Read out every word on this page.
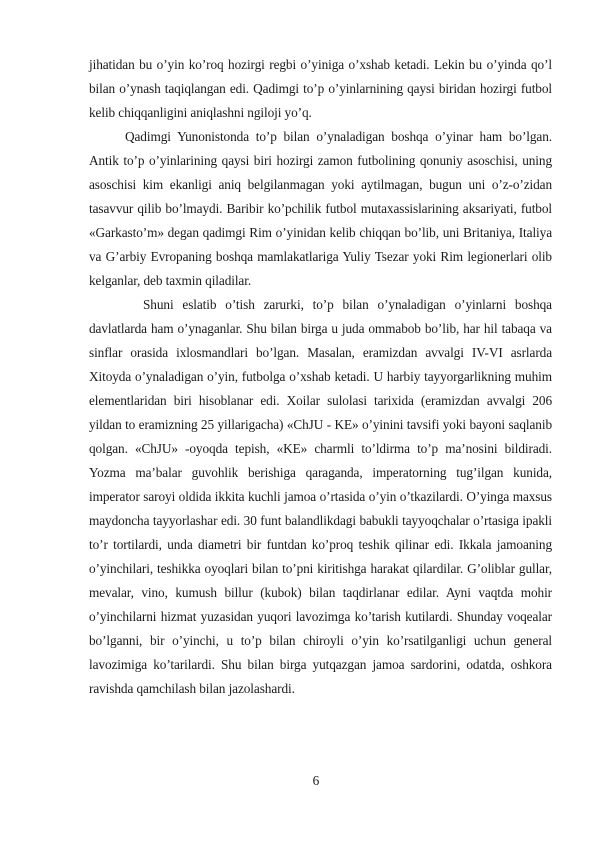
jihatidan bu o’yin ko’roq hozirgi regbi o’yiniga o’xshab ketadi. Lekin bu o’yinda qo’l bilan o’ynash taqiqlangan edi. Qadimgi to’p o’yinlarnining qaysi biridan hozirgi futbol kelib chiqqanligini aniqlashni ngiloji yo’q.

Qadimgi Yunonistonda to’p bilan o’ynaladigan boshqa o’yinar ham bo’lgan. Antik to’p o’yinlarining qaysi biri hozirgi zamon futbolining qonuniy asoschisi, uning asoschisi kim ekanligi aniq belgilanmagan yoki aytilmagan, bugun uni o’z-o’zidan tasavvur qilib bo’lmaydi. Baribir ko’pchilik futbol mutaxassislarining aksariyati, futbol «Garkasto’m» degan qadimgi Rim o’yinidan kelib chiqqan bo’lib, uni Britaniya, Italiya va G’arbiy Evropaning boshqa mamlakatlariga Yuliy Tsezar yoki Rim legionerlari olib kelganlar, deb taxmin qiladilar.

Shuni eslatib o’tish zarurki, to’p bilan o’ynaladigan o’yinlarni boshqa davlatlarda ham o’ynaganlar. Shu bilan birga u juda ommabob bo’lib, har hil tabaqa va sinflar orasida ixlosmandlari bo’lgan. Masalan, eramizdan avvalgi IV-VI asrlarda Xitoyda o’ynaladigan o’yin, futbolga o’xshab ketadi. U harbiy tayyorgarlikning muhim elementlaridan biri hisoblanar edi. Xoilar sulolasi tarixida (eramizdan avvalgi 206 yildan to eramizning 25 yillarigacha) «ChJU - KE» o’yinini tavsifi yoki bayoni saqlanib qolgan. «ChJU» -oyoqda tepish, «KE» charmli to’ldirma to’p ma’nosini bildiradi. Yozma ma’balar guvohlik berishiga qaraganda, imperatorning tug’ilgan kunida, imperator saroyi oldida ikkita kuchli jamoa o’rtasida o’yin o’tkazilardi. O’yinga maxsus maydoncha tayyorlashar edi. 30 funt balandlikdagi babukli tayyoqchalar o’rtasiga ipakli to’r tortilardi, unda diametri bir funtdan ko’proq teshik qilinar edi. Ikkala jamoaning o’yinchilari, teshikka oyoqlari bilan to’pni kiritishga harakat qilardilar. G’oliblar gullar, mevalar, vino, kumush billur (kubok) bilan taqdirlanar edilar. Ayni vaqtda mohir o’yinchilarni hizmat yuzasidan yuqori lavozimga ko’tarish kutilardi. Shunday voqealar bo’lganni, bir o’yinchi, u to’p bilan chiroyli o’yin ko’rsatilganligi uchun general lavozimiga ko’tarilardi. Shu bilan birga yutqazgan jamoa sardorini, odatda, oshkora ravishda qamchilash bilan jazolashardi.

6
